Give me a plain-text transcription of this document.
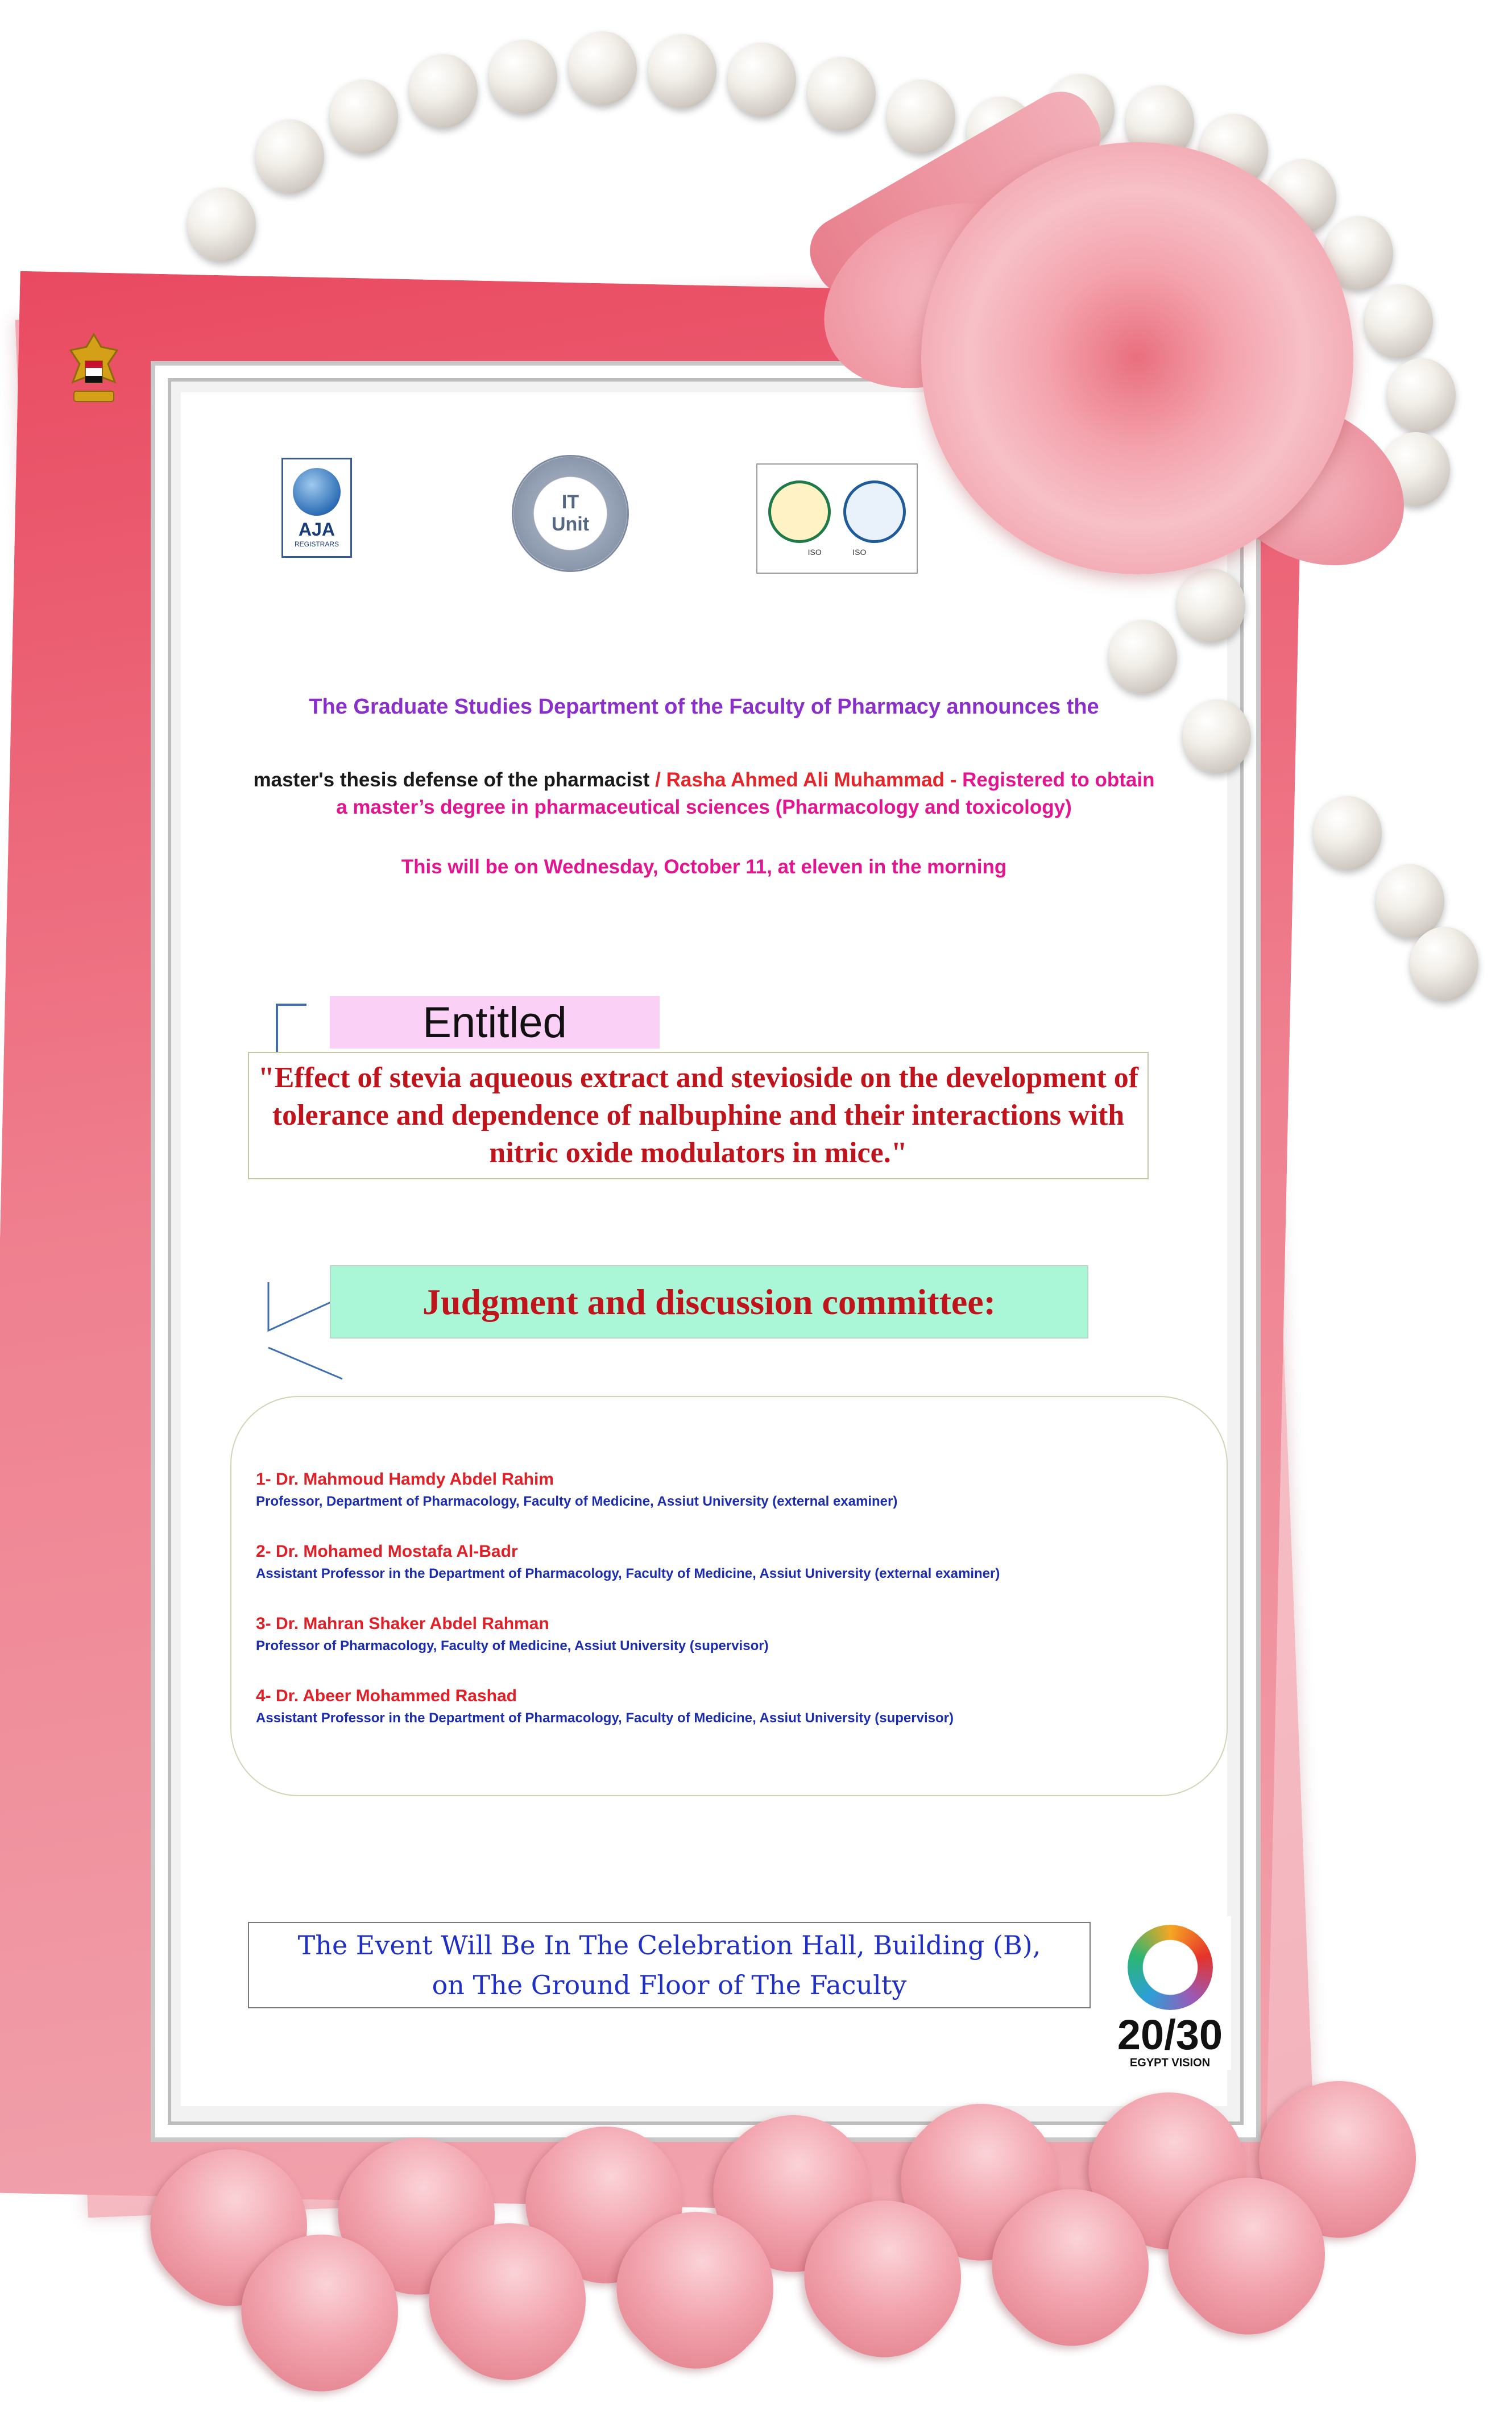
AJA
REGISTRARS
IT
Unit
ISO	ISO
The Graduate Studies Department of the Faculty of Pharmacy announces the
master's thesis defense of the pharmacist / Rasha Ahmed Ali Muhammad - Registered to obtain
a master’s degree in pharmaceutical sciences (Pharmacology and toxicology)
This will be on Wednesday, October 11, at eleven in the morning
Entitled
"Effect of stevia aqueous extract and stevioside on the development of tolerance and dependence of nalbuphine and their interactions with nitric oxide modulators in mice."
Judgment and discussion committee:
1- Dr. Mahmoud Hamdy Abdel Rahim
Professor, Department of Pharmacology, Faculty of Medicine, Assiut University (external examiner)
2- Dr. Mohamed Mostafa Al-Badr
Assistant Professor in the Department of Pharmacology, Faculty of Medicine, Assiut University (external examiner)
3- Dr. Mahran Shaker Abdel Rahman
Professor of Pharmacology, Faculty of Medicine, Assiut University (supervisor)
4- Dr. Abeer Mohammed Rashad
Assistant Professor in the Department of Pharmacology, Faculty of Medicine, Assiut University (supervisor)
The Event Will Be In The Celebration Hall, Building (B),
on The Ground Floor of The Faculty
20/30
EGYPT VISION
